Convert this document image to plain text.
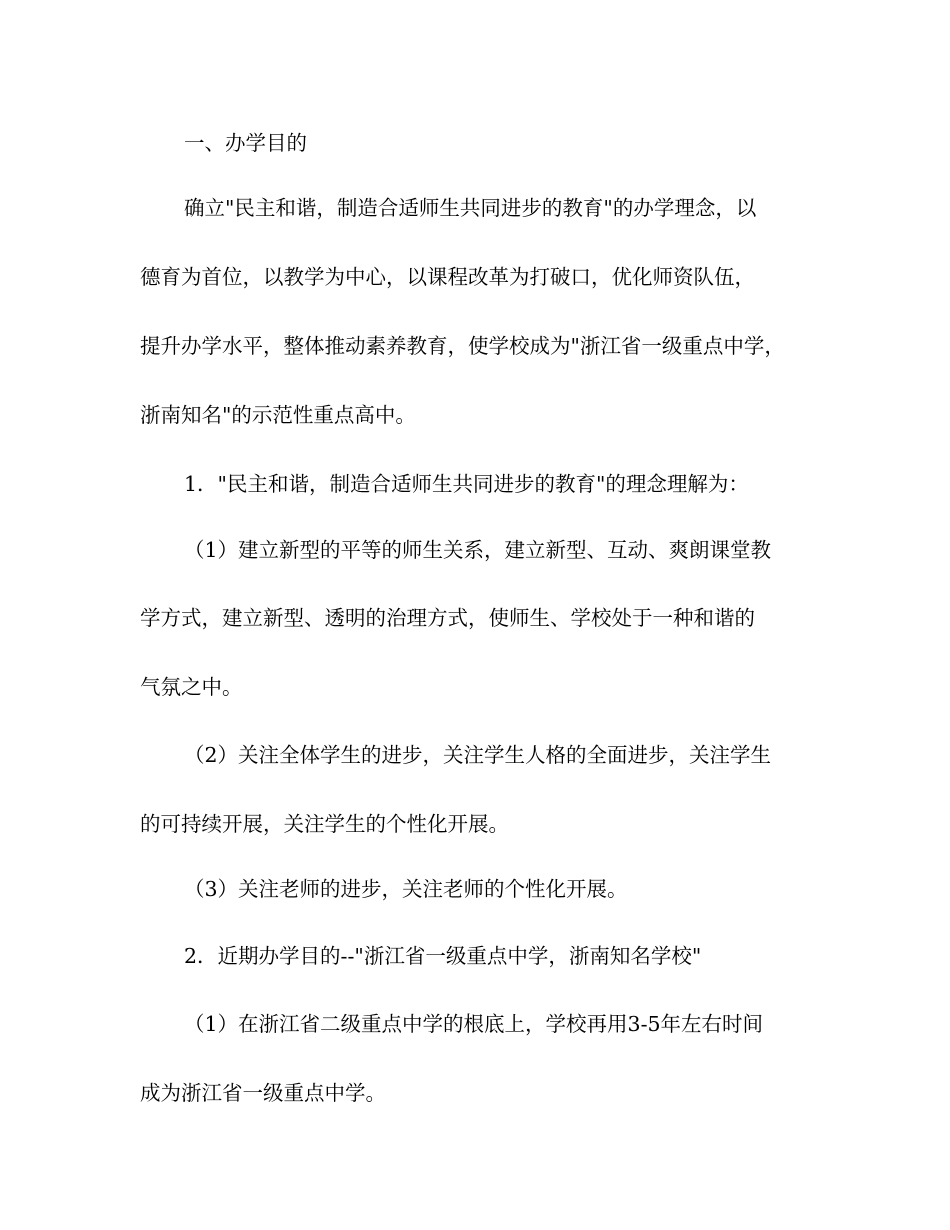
一、办学目的
确立"民主和谐，制造合适师生共同进步的教育"的办学理念，以
德育为首位，以教学为中心，以课程改革为打破口，优化师资队伍，
提升办学水平，整体推动素养教育，使学校成为"浙江省一级重点中学，
浙南知名"的示范性重点高中。
1．"民主和谐，制造合适师生共同进步的教育"的理念理解为：
（1）建立新型的平等的师生关系，建立新型、互动、爽朗课堂教
学方式，建立新型、透明的治理方式，使师生、学校处于一种和谐的
气氛之中。
（2）关注全体学生的进步，关注学生人格的全面进步，关注学生
的可持续开展，关注学生的个性化开展。
（3）关注老师的进步，关注老师的个性化开展。
2．近期办学目的--"浙江省一级重点中学，浙南知名学校"
（1）在浙江省二级重点中学的根底上，学校再用3-5年左右时间
成为浙江省一级重点中学。
